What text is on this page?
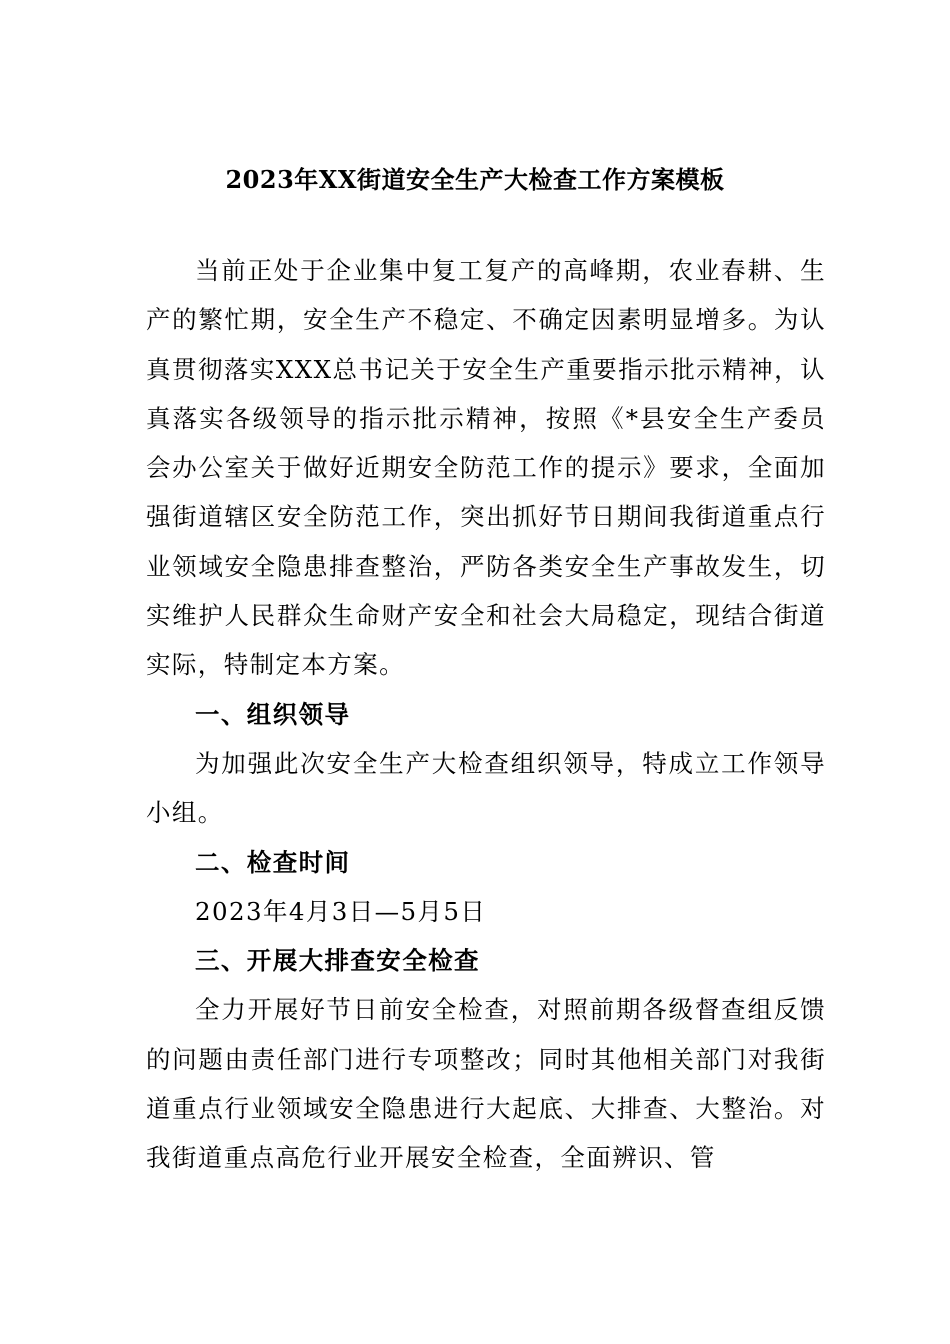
2023年XX街道安全生产大检查工作方案模板

当前正处于企业集中复工复产的高峰期，农业春耕、生产的繁忙期，安全生产不稳定、不确定因素明显增多。为认真贯彻落实XXX总书记关于安全生产重要指示批示精神，认真落实各级领导的指示批示精神，按照《*县安全生产委员会办公室关于做好近期安全防范工作的提示》要求，全面加强街道辖区安全防范工作，突出抓好节日期间我街道重点行业领域安全隐患排查整治，严防各类安全生产事故发生，切实维护人民群众生命财产安全和社会大局稳定，现结合街道实际，特制定本方案。

一、组织领导

为加强此次安全生产大检查组织领导，特成立工作领导小组。

二、检查时间

2023年4月3日—5月5日

三、开展大排查安全检查

全力开展好节日前安全检查，对照前期各级督查组反馈的问题由责任部门进行专项整改；同时其他相关部门对我街道重点行业领域安全隐患进行大起底、大排查、大整治。对我街道重点高危行业开展安全检查，全面辨识、管
